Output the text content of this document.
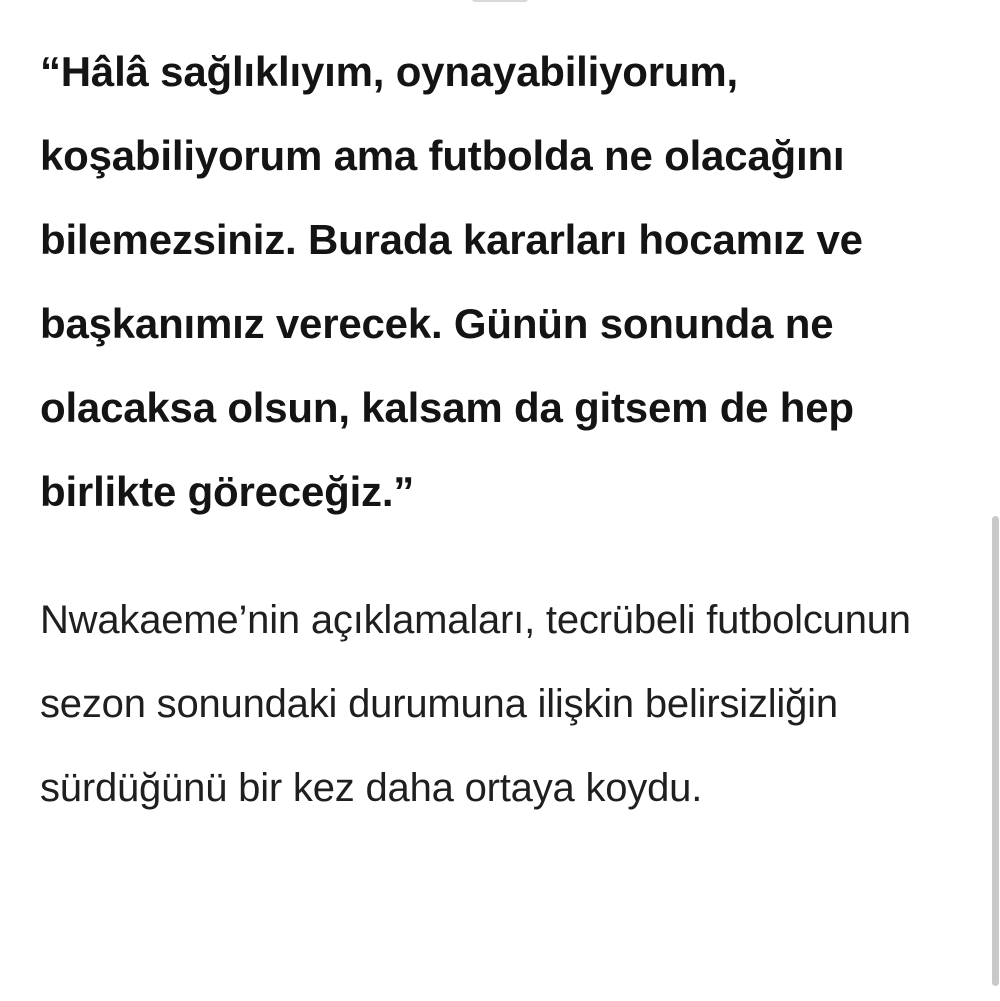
“Hâlâ sağlıklıyım, oynayabiliyorum, koşabiliyorum ama futbolda ne olacağını bilemezsiniz. Burada kararları hocamız ve başkanımız verecek. Günün sonunda ne olacaksa olsun, kalsam da gitsem de hep birlikte göreceğiz.”

Nwakaeme’nin açıklamaları, tecrübeli futbolcunun sezon sonundaki durumuna ilişkin belirsizliğin sürdüğünü bir kez daha ortaya koydu.
